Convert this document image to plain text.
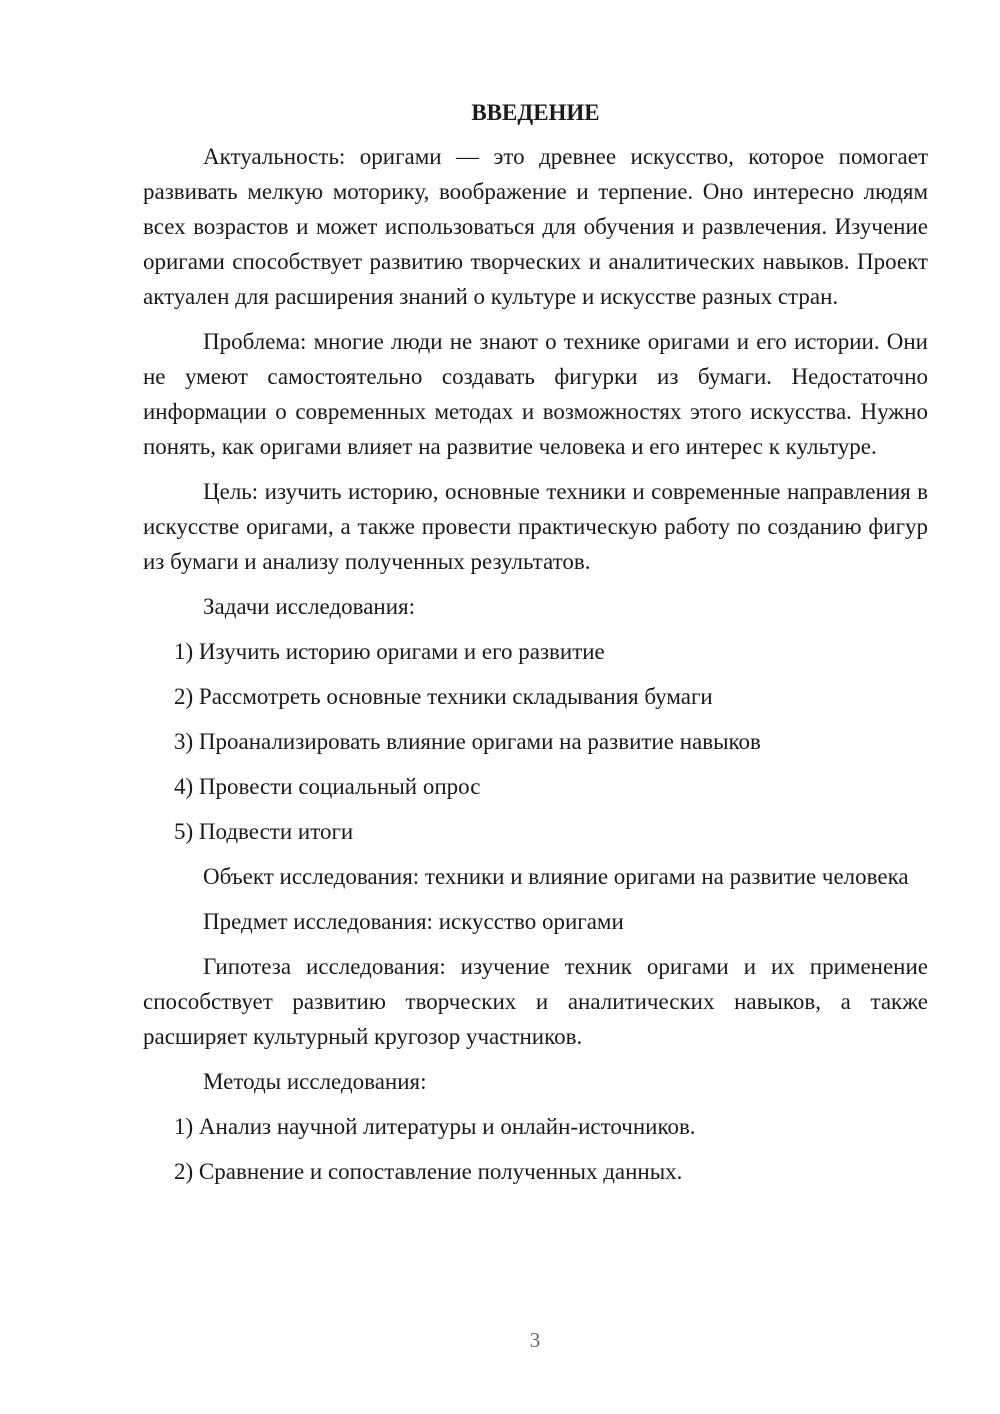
ВВЕДЕНИЕ

Актуальность: оригами — это древнее искусство, которое помогает развивать мелкую моторику, воображение и терпение. Оно интересно людям всех возрастов и может использоваться для обучения и развлечения. Изучение оригами способствует развитию творческих и аналитических навыков. Проект актуален для расширения знаний о культуре и искусстве разных стран.

Проблема: многие люди не знают о технике оригами и его истории. Они не умеют самостоятельно создавать фигурки из бумаги. Недостаточно информации о современных методах и возможностях этого искусства. Нужно понять, как оригами влияет на развитие человека и его интерес к культуре.

Цель: изучить историю, основные техники и современные направления в искусстве оригами, а также провести практическую работу по созданию фигур из бумаги и анализу полученных результатов.

Задачи исследования:

1) Изучить историю оригами и его развитие

2) Рассмотреть основные техники складывания бумаги

3) Проанализировать влияние оригами на развитие навыков

4) Провести социальный опрос

5) Подвести итоги

Объект исследования: техники и влияние оригами на развитие человека

Предмет исследования: искусство оригами

Гипотеза исследования: изучение техник оригами и их применение способствует развитию творческих и аналитических навыков, а также расширяет культурный кругозор участников.

Методы исследования:

1) Анализ научной литературы и онлайн-источников.

2) Сравнение и сопоставление полученных данных.

3
